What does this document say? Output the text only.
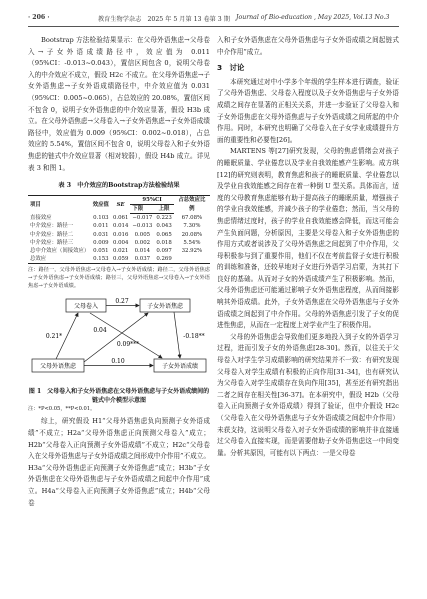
· 206 ·	教育生物学杂志　2025 年 5 月第 13 卷第 3 期 Journal of Bio-education , May 2025, Vol.13 No.3

Bootstrap 方法检验结果显示：在父母外语焦虑→父母卷入→子女外语成绩路径中，效应值为 0.011（95%CI：-0.013~0.043），置信区间包含 0，说明父母卷入的中介效应不成立，假设 H2c 不成立。在父母外语焦虑→子女外语焦虑→子女外语成绩路径中，中介效应值为 0.031（95%CI：0.005~0.065），占总效应的 20.08%，置信区间不包含 0，说明子女外语焦虑的中介效应显著，假设 H3b 成立。在父母外语焦虑→父母卷入→子女外语焦虑→子女外语成绩路径中，效应值为 0.009（95%CI：0.002~0.018），占总效应的 5.54%，置信区间不包含 0，说明父母卷入和子女外语焦虑的链式中介效应显著（相对较弱），假设 H4b 成立。详见表 3 和图 1。

表 3　中介效应的Bootstrap方法检验结果
项目	效应值	SE	95%CI		占总效应比例
			下限	上限	
直接效应	0.103	0.061	−0.017	0.223	67.08%
中介效应：路径一	0.011	0.014	−0.013	0.043	7.30%
中介效应：路径二	0.031	0.016	0.005	0.065	20.08%
中介效应：路径三	0.009	0.004	0.002	0.018	5.54%
总中介效应（间接效应）	0.051	0.021	0.014	0.097	32.92%
总效应	0.153	0.059	0.037	0.269	
注：路径一，父母外语焦虑→父母卷入→子女外语成绩；路径二，父母外语焦虑→子女外语焦虑→子女外语成绩；路径三，父母外语焦虑→父母卷入→子女外语焦虑→子女外语成绩。
父母卷入	子女外语焦虑
父母外语焦虑	子女外语成绩
0.27
0.21*
0.04
-0.18**
0.09***
0.10
图 1　父母卷入和子女外语焦虑在父母外语焦虑与子女外语成绩间的链式中介模型示意图
注：*P<0.05，**P<0.01。

综上，研究假设 H1“父母外语焦虑负向预测子女外语成绩”不成立；H2a“父母外语焦虑正向预测父母卷入”成立；H2b“父母卷入正向预测子女外语成绩”不成立；H2c“父母卷入在父母外语焦虑与子女外语成绩之间形成中介作用”不成立。H3a“父母外语焦虑正向预测子女外语焦虑”成立；H3b“子女外语焦虑在父母外语焦虑与子女外语成绩之间起中介作用”成立。H4a“父母卷入正向预测子女外语焦虑”成立；H4b“父母卷

入和子女外语焦虑在父母外语焦虑与子女外语成绩之间起链式中介作用”成立。

3　讨论

本研究通过对中小学多个年级的学生样本进行调查，验证了父母外语焦虑、父母卷入程度以及子女外语焦虑与子女外语成绩之间存在显著的正相关关系，并进一步验证了父母卷入和子女外语焦虑在父母外语焦虑与子女外语成绩之间所起的中介作用。同时，本研究也明确了父母卷入在子女学业成绩提升方面的重要性和必要性[26]。

MARTENS 等[27]研究发现，父母的焦虑情绪会对孩子的睡眠质量、学业倦怠以及学业自我效能感产生影响。成方琪[12]的研究则表明，教育焦虑和孩子的睡眠质量、学业倦怠以及学业自我效能感之间存在着一种倒 U 型关系。具体而言，适度的父母教育焦虑能够有助于提高孩子的睡眠质量，增强孩子的学业自我效能感，并减少孩子的学业倦怠；然而，当父母的焦虑情绪过度时，孩子的学业自我效能感会降低，而这可能会产生负面问题，分析原因，主要是父母卷入和子女外语焦虑的作用方式或者说涉及了父母外语焦虑之间起到了中介作用，父母积极参与到了重要作用，他们不仅在考前监督子女进行积极的训练和准备，还较早地对子女进行外语学习启蒙，为其打下良好的基础。从而对子女的外语成绩产生了积极影响。然而，父母外语焦虑还可能通过影响子女外语焦虑程度，从而间接影响其外语成绩。此外，子女外语焦虑在父母外语焦虑与子女外语成绩之间起到了中介作用。父母的外语焦虑引发了子女的促进性焦虑，从而在一定程度上对学业产生了积极作用。

父母的外语焦虑会导致他们更多地投入到子女的外语学习过程，进而引发子女的外语焦虑[28-30]。然而，以往关于父母卷入对学生学习成绩影响的研究结果并不一致：有研究发现父母卷入对学生成绩有积极的正向作用[31-34]，也有研究认为父母卷入对学生成绩存在负向作用[35]，甚至还有研究指出二者之间存在相关性[36-37]。在本研究中，假设 H2b（父母卷入正向预测子女外语成绩）得到了验证，但中介假设 H2c（父母卷入在父母外语焦虑与子女外语成绩之间起中介作用）未获支持，这说明父母卷入对子女外语成绩的影响并非直接通过父母卷入直接实现，而是需要借助子女外语焦虑这一中间变量。分析其原因，可能有以下两点：一是父母卷
